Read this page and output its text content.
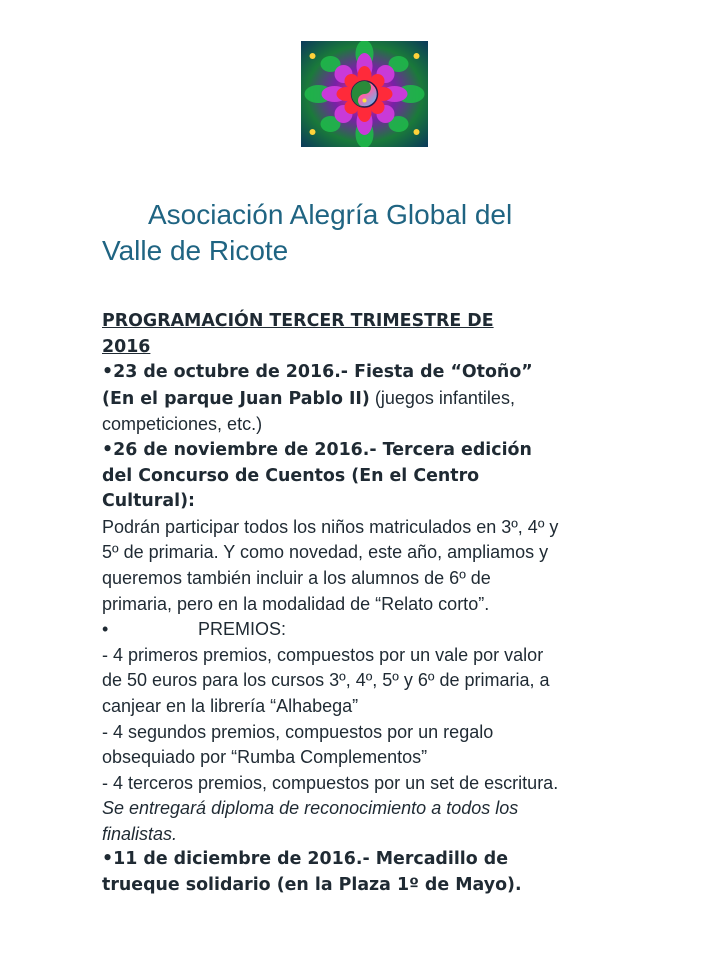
Asociación Alegría Global del
Valle de Ricote
PROGRAMACIÓN TERCER TRIMESTRE DE
2016
•23 de octubre de 2016.- Fiesta de “Otoño”
(En el parque Juan Pablo II) (juegos infantiles,
competiciones, etc.)
•26 de noviembre de 2016.- Tercera edición
del Concurso de Cuentos (En el Centro
Cultural):
Podrán participar todos los niños matriculados en 3º, 4º y
5º de primaria. Y como novedad, este año, ampliamos y
queremos también incluir a los alumnos de 6º de
primaria, pero en la modalidad de “Relato corto”.
•	PREMIOS:
- 4 primeros premios, compuestos por un vale por valor
de 50 euros para los cursos 3º, 4º, 5º y 6º de primaria, a
canjear en la librería “Alhabega”
- 4 segundos premios, compuestos por un regalo
obsequiado por “Rumba Complementos”
- 4 terceros premios, compuestos por un set de escritura.
Se entregará diploma de reconocimiento a todos los
finalistas.
•11 de diciembre de 2016.- Mercadillo de
trueque solidario (en la Plaza 1º de Mayo).
